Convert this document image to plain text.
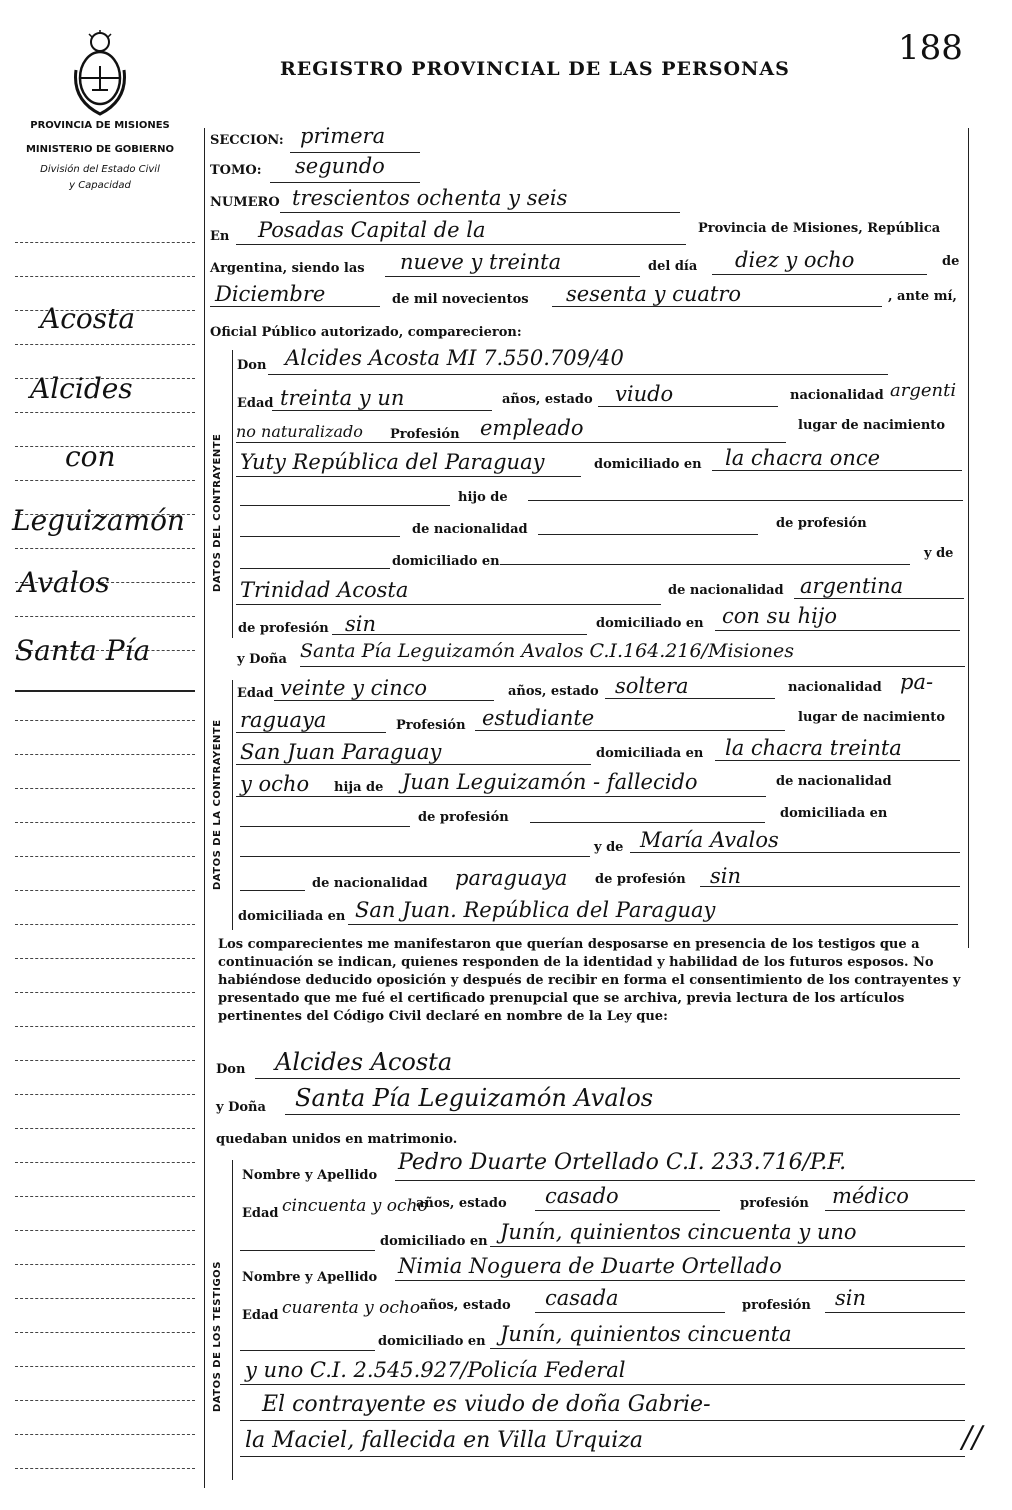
REGISTRO PROVINCIAL DE LAS PERSONAS
188
PROVINCIA DE MISIONES
MINISTERIO DE GOBIERNO
División del Estado Civil
y Capacidad
Acosta
Alcides
con
Leguizamón
Avalos
Santa Pía
DATOS DEL CONTRAYENTE
DATOS DE LA CONTRAYENTE
DATOS DE LOS TESTIGOS
SECCION: primera
TOMO: segundo
NUMERO trescientos ochenta y seis
En Posadas Capital de la	Provincia de Misiones, República
Argentina, siendo las nueve y treinta	del día diez y ocho	de
Diciembre	de mil novecientos sesenta y cuatro	, ante mí,
Oficial Público autorizado, comparecieron:
Don Alcides Acosta MI 7.550.709/40
Edad treinta y un	años, estado viudo	nacionalidad argenti
no naturalizado Profesión empleado	lugar de nacimiento
Yuty República del Paraguay	domiciliado en la chacra once
hijo de
de nacionalidad	de profesión
domiciliado en
y de
Trinidad Acosta	de nacionalidad argentina
de profesión sin	domiciliado en con su hijo
y Doña Santa Pía Leguizamón Avalos C.I.164.216/Misiones
Edad veinte y cinco	años, estado soltera	nacionalidad pa-
raguaya	Profesión estudiante	lugar de nacimiento
San Juan Paraguay	domiciliada en la chacra treinta
y ocho hija de Juan Leguizamón - fallecido	de nacionalidad
de profesión	domiciliada en
y de María Avalos
de nacionalidad paraguaya de profesión sin
domiciliada en San Juan. República del Paraguay
Los comparecientes me manifestaron que querían desposarse en presencia de los testigos que a continuación se indican, quienes responden de la identidad y habilidad de los futuros esposos. No habiéndose deducido oposición y después de recibir en forma el consentimiento de los contrayentes y presentado que me fué el certificado prenupcial que se archiva, previa lectura de los artículos pertinentes del Código Civil declaré en nombre de la Ley que:
Don Alcides Acosta
y Doña Santa Pía Leguizamón Avalos
quedaban unidos en matrimonio.
Nombre y Apellido
Pedro Duarte Ortellado C.I. 233.716/P.F.
Edad cincuenta y ocho
años, estado casado	profesión médico
domiciliado en Junín, quinientos cincuenta y uno
Nombre y Apellido Nimia Noguera de Duarte Ortellado
Edad cuarenta y ocho años, estado casada	profesión sin
domiciliado en Junín, quinientos cincuenta
y uno C.I. 2.545.927/Policía Federal
El contrayente es viudo de doña Gabrie-
la Maciel, fallecida en Villa Urquiza	//
